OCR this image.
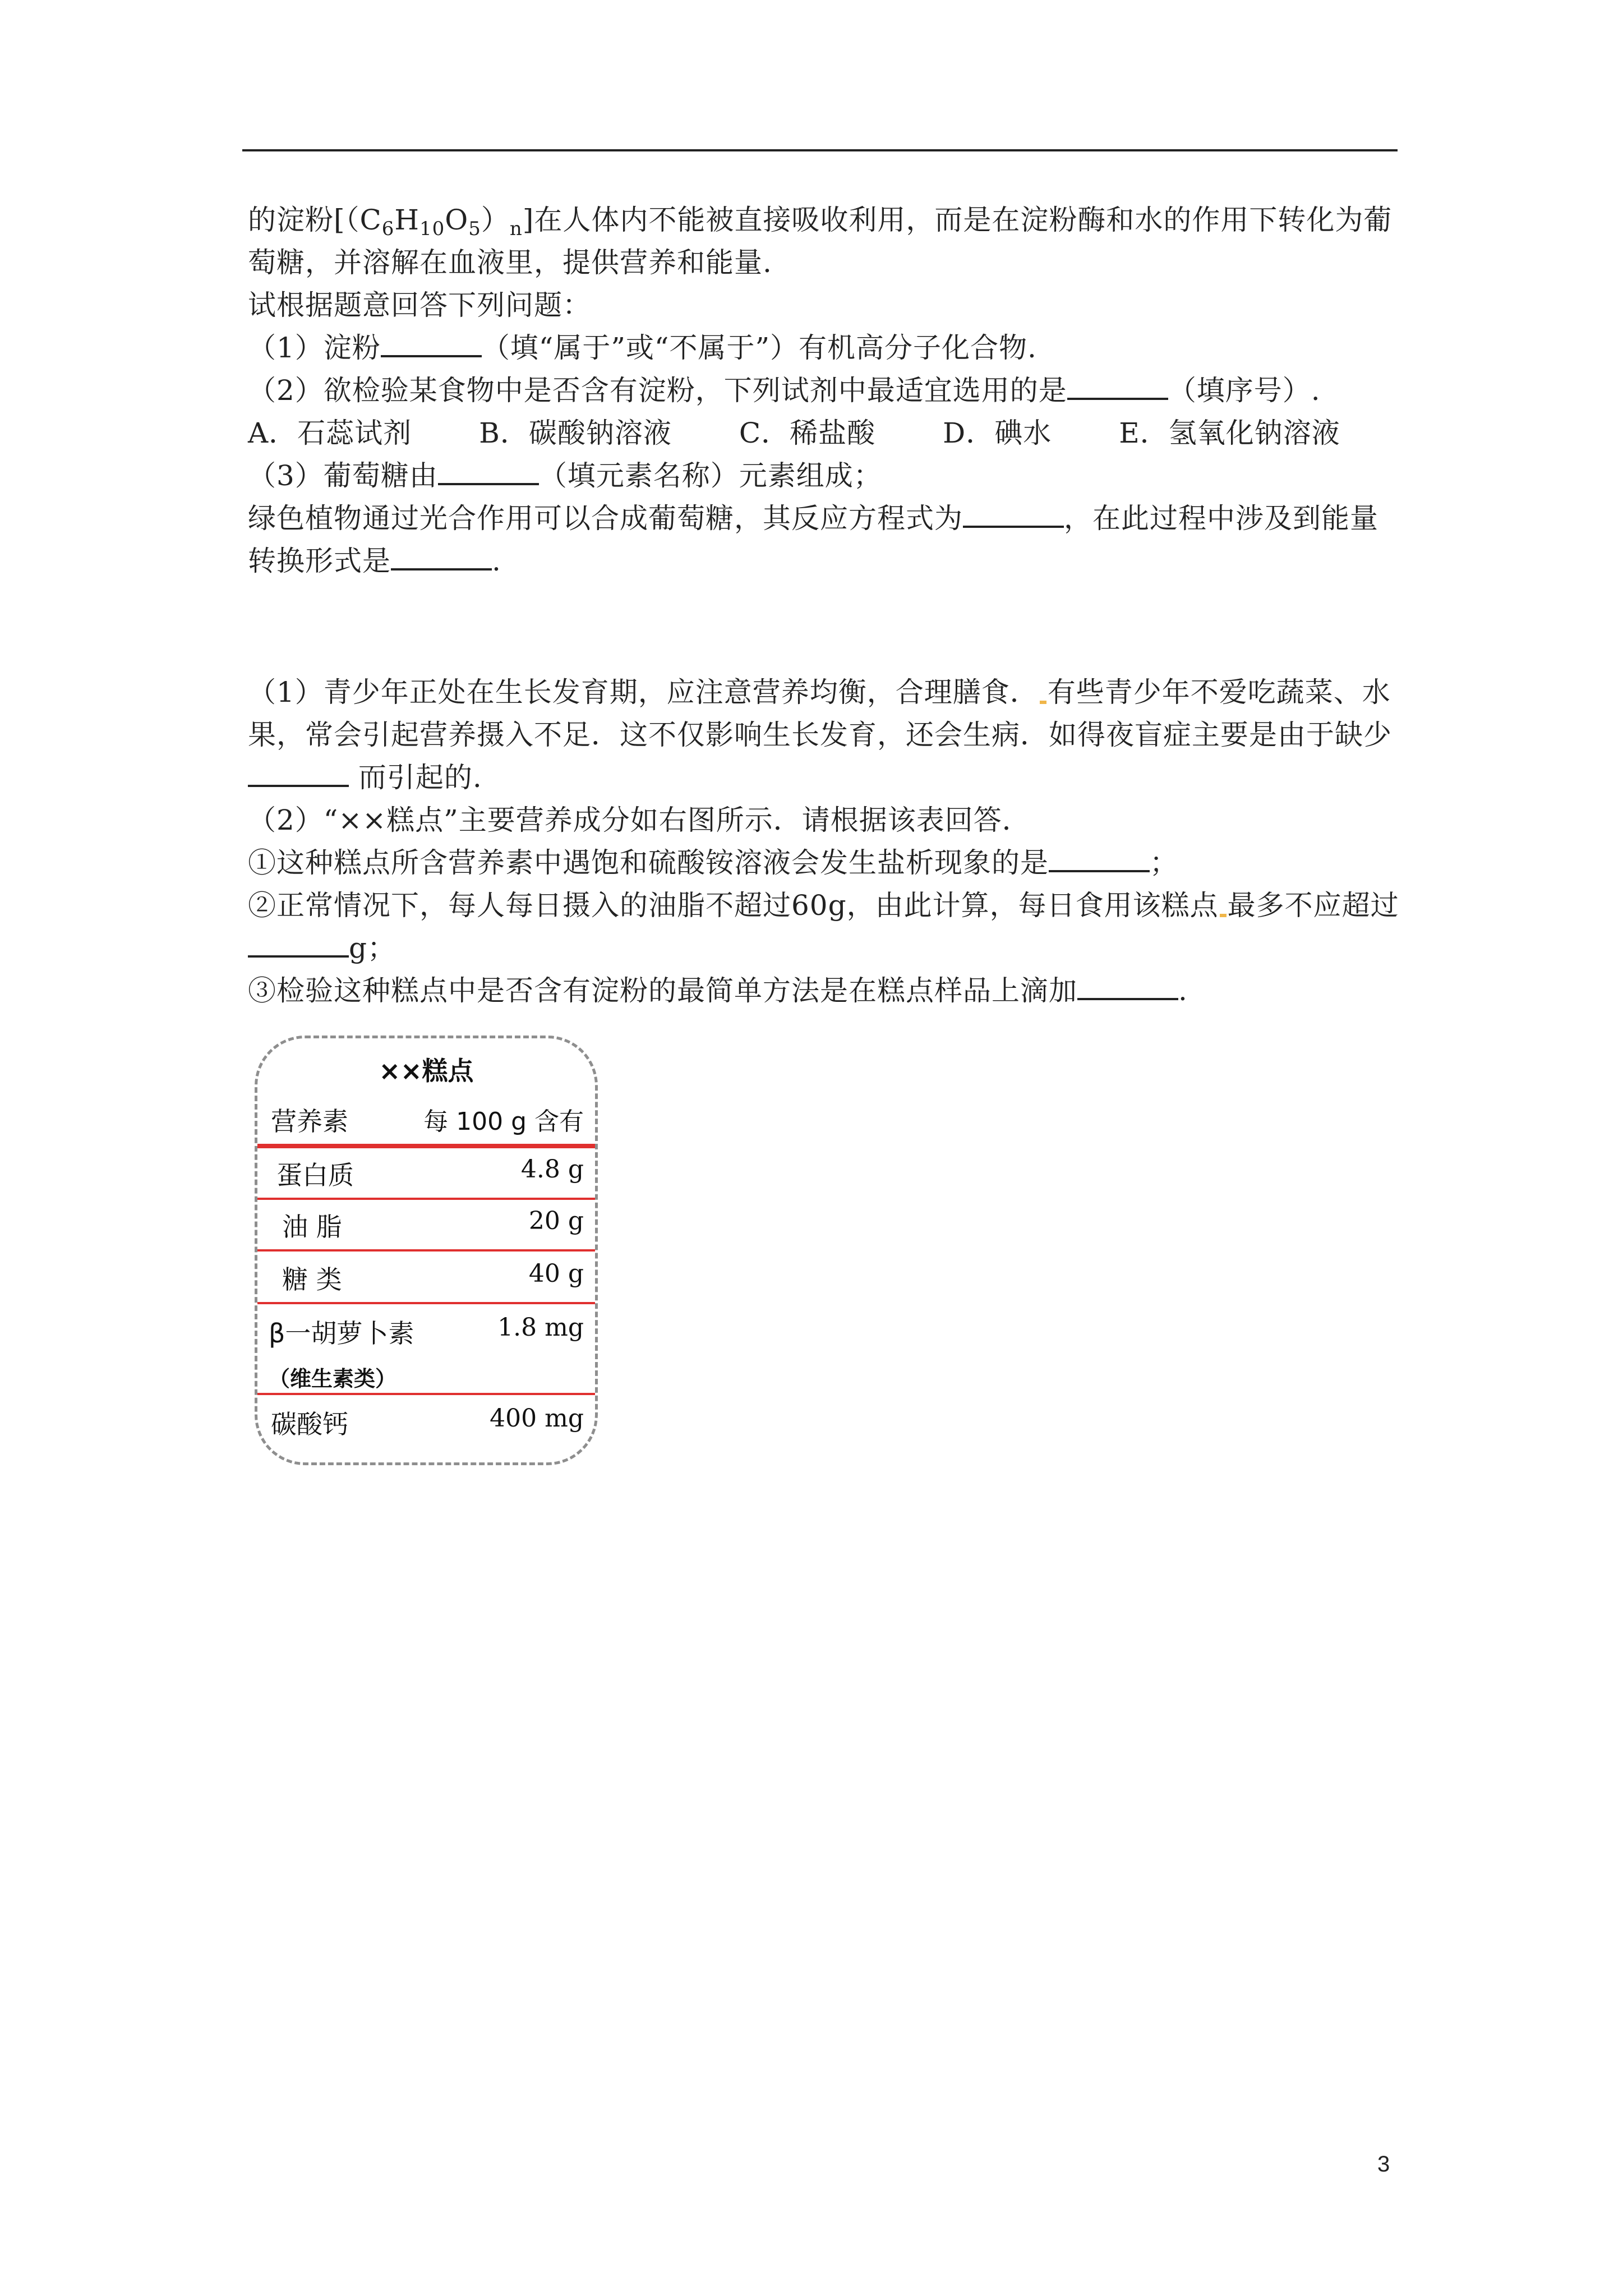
的淀粉$[(C_6H_{10}O_5)_n]$在人体内不能被直接吸收利用，而是在淀粉酶和水的作用下转化为葡
萄糖，并溶解在血液里，提供营养和能量.
试根据题意回答下列问题：
（1）淀粉	（填“属于”或“不属于”）有机高分子化合物.
（2）欲检验某食物中是否含有淀粉，下列试剂中最适宜选用的是	（填序号）.
A．石蕊试剂 B．碳酸钠溶液 C．稀盐酸 D．碘水 E．氢氧化钠溶液
（3）葡萄糖由	（填元素名称）元素组成；
绿色植物通过光合作用可以合成葡萄糖，其反应方程式为	，在此过程中涉及到能量
转换形式是	.
（1）青少年正处在生长发育期，应注意营养均衡，合理膳食． 有些青少年不爱吃蔬菜、水
果，常会引起营养摄入不足．这不仅影响生长发育，还会生病．如得夜盲症主要是由于缺少
而引起的.
（2）“××糕点”主要营养成分如右图所示．请根据该表回答．
①这种糕点所含营养素中遇饱和硫酸铵溶液会发生盐析现象的是	；
②正常情况下，每人每日摄入的油脂不超过60g，由此计算，每日食用该糕点 最多不应超过
g；
③检验这种糕点中是否含有淀粉的最简单方法是在糕点样品上滴加	.
××糕点
营养素	每 100 g 含有
蛋白质	4.8 g
油 脂	20 g
糖 类	40 g
β一胡萝卜素	1.8 mg
（维生素类）
碳酸钙	400 mg
3
